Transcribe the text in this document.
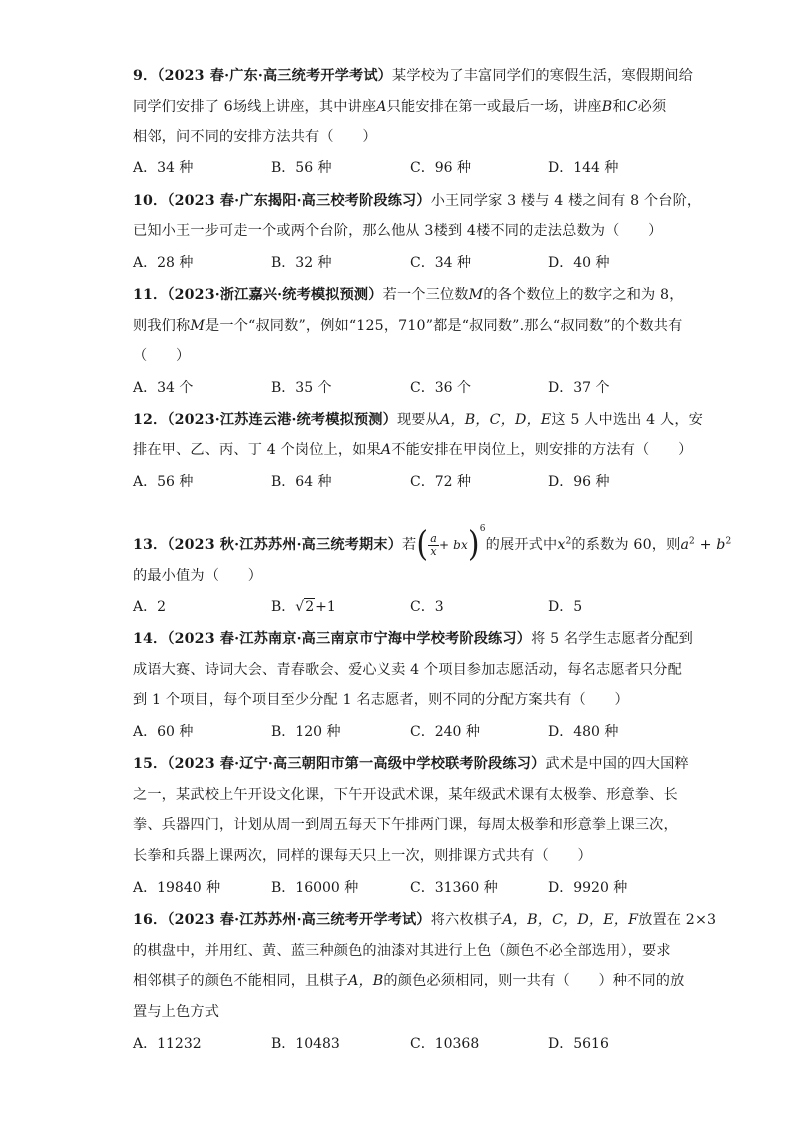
9．（2023 春·广东·高三统考开学考试）某学校为了丰富同学们的寒假生活，寒假期间给
同学们安排了 6场线上讲座，其中讲座A只能安排在第一或最后一场，讲座B和C必须
相邻，问不同的安排方法共有（　　）
A．34 种	B．56 种	C．96 种	D．144 种
10．（2023 春·广东揭阳·高三校考阶段练习）小王同学家 3 楼与 4 楼之间有 8 个台阶，
已知小王一步可走一个或两个台阶，那么他从 3楼到 4楼不同的走法总数为（　　）
A．28 种	B．32 种	C．34 种	D．40 种
11．（2023·浙江嘉兴·统考模拟预测）若一个三位数M的各个数位上的数字之和为 8，
则我们称M是一个“叔同数”，例如“125，710”都是“叔同数”.那么“叔同数”的个数共有
（　　）
A．34 个	B．35 个	C．36 个	D．37 个
12．（2023·江苏连云港·统考模拟预测）现要从A，B，C，D，E这 5 人中选出 4 人，安
排在甲、乙、丙、丁 4 个岗位上，如果A不能安排在甲岗位上，则安排的方法有（　　）
A．56 种	B．64 种	C．72 种	D．96 种
13．（2023 秋·江苏苏州·高三统考期末）若( $\frac{a}{x} + bx)^6$的展开式中$x^2$的系数为 60，则$a^2 + b^2$
的最小值为（　　）
A．2	B．√2+1	C．3	D．5
14．（2023 春·江苏南京·高三南京市宁海中学校考阶段练习）将 5 名学生志愿者分配到
成语大赛、诗词大会、青春歌会、爱心义卖 4 个项目参加志愿活动，每名志愿者只分配
到 1 个项目，每个项目至少分配 1 名志愿者，则不同的分配方案共有（　　）
A．60 种	B．120 种	C．240 种	D．480 种
15．（2023 春·辽宁·高三朝阳市第一高级中学校联考阶段练习）武术是中国的四大国粹
之一，某武校上午开设文化课，下午开设武术课，某年级武术课有太极拳、形意拳、长
拳、兵器四门，计划从周一到周五每天下午排两门课，每周太极拳和形意拳上课三次，
长拳和兵器上课两次，同样的课每天只上一次，则排课方式共有（　　）
A．19840 种	B．16000 种	C．31360 种	D．9920 种
16．（2023 春·江苏苏州·高三统考开学考试）将六枚棋子A，B，C，D，E，F放置在 2×3
的棋盘中，并用红、黄、蓝三种颜色的油漆对其进行上色（颜色不必全部选用），要求
相邻棋子的颜色不能相同，且棋子A，B的颜色必须相同，则一共有（　　）种不同的放
置与上色方式
A．11232	B．10483	C．10368	D．5616
